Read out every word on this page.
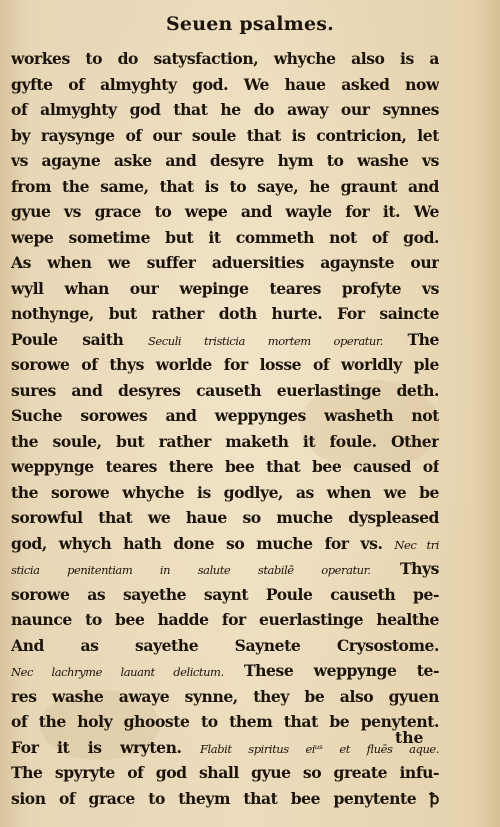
Seuen psalmes.
workes to do satysfaction, whyche also is a
gyfte of almyghty god. We haue asked now
of almyghty god that he do away our synnes
by raysynge of our soule that is contricion, let
vs agayne aske and desyre hym to washe vs
from the same, that is to saye, he graunt and
gyue vs grace to wepe and wayle for it. We
wepe sometime but it commeth not of god.
As when we suffer aduersities agaynste our
wyll whan our wepinge teares profyte vs
nothynge, but rather doth hurte. For saincte
Poule saith Seculi tristicia mortem operatur. The
sorowe of thys worlde for losse of worldly ple
sures and desyres causeth euerlastinge deth.
Suche sorowes and weppynges washeth not
the soule, but rather maketh it foule. Other
weppynge teares there bee that bee caused of
the sorowe whyche is godlye, as when we be
sorowful that we haue so muche dyspleased
god, whych hath done so muche for vs. Nec tri
sticia penitentiam in salute stabilē operatur. Thys
sorowe as sayethe saynt Poule causeth pe-
naunce to bee hadde for euerlastinge healthe
And as sayethe Saynete Crysostome.
Nec lachryme lauant delictum. These weppynge te-
res washe awaye synne, they be also gyuen
of the holy ghooste to them that be penytent.
For it is wryten. Flabit spiritus eiᵘˢ et fluēs aque.
The spyryte of god shall gyue so greate infu-
sion of grace to theym that bee penytente ꝥ
the
